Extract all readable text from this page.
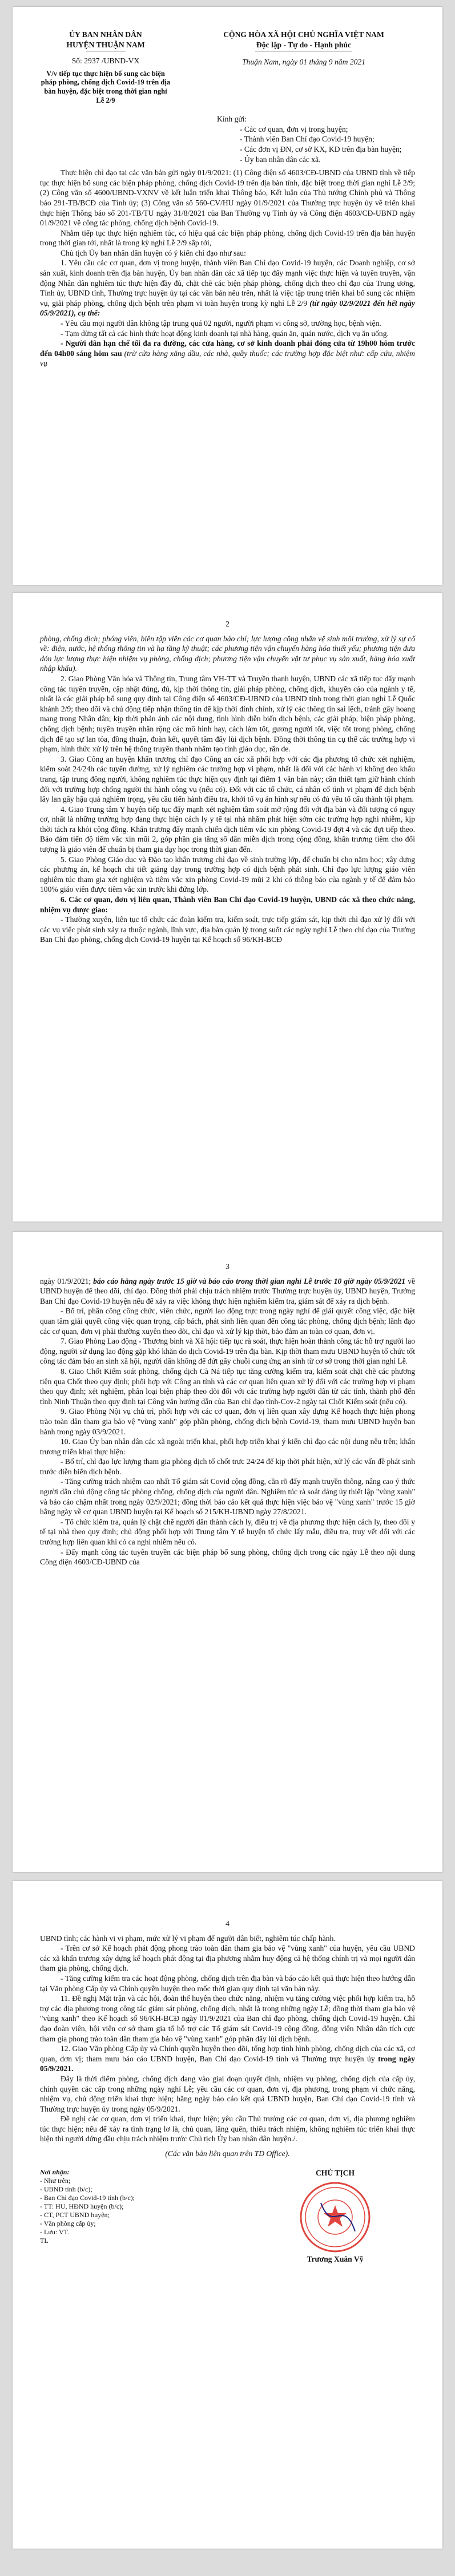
ỦY BAN NHÂN DÂN
HUYỆN THUẬN NAM
Số: 2937 /UBND-VX
V/v tiếp tục thực hiện bổ sung các biện pháp phòng, chống dịch Covid-19 trên địa bàn huyện, đặc biệt trong thời gian nghỉ Lễ 2/9
CỘNG HÒA XÃ HỘI CHỦ NGHĨA VIỆT NAM
Độc lập - Tự do - Hạnh phúc
Thuận Nam, ngày 01 tháng 9 năm 2021
Kính gửi:
- Các cơ quan, đơn vị trong huyện;
- Thành viên Ban Chỉ đạo Covid-19 huyện;
- Các đơn vị ĐN, cơ sở KX, KD trên địa bàn huyện;
- Ủy ban nhân dân các xã.

Thực hiện chỉ đạo tại các văn bản gửi ngày 01/9/2021: (1) Công điện số 4603/CĐ-UBND của UBND tỉnh về tiếp tục thực hiện bổ sung các biện pháp phòng, chống dịch Covid-19 trên địa bàn tỉnh, đặc biệt trong thời gian nghỉ Lễ 2/9; (2) Công văn số 4600/UBND-VXNV về kết luận triển khai Thông báo, Kết luận của Thủ tướng Chính phủ và Thông báo 291-TB/BCĐ của Tỉnh ủy; (3) Công văn số 560-CV/HU ngày 01/9/2021 của Thường trực huyện ủy về triển khai thực hiện Thông báo số 201-TB/TU ngày 31/8/2021 của Ban Thường vụ Tỉnh ủy và Công điện 4603/CĐ-UBND ngày 01/9/2021 về công tác phòng, chống dịch bệnh Covid-19.

Nhằm tiếp tục thực hiện nghiêm túc, có hiệu quả các biện pháp phòng, chống dịch Covid-19 trên địa bàn huyện trong thời gian tới, nhất là trong kỳ nghỉ Lễ 2/9 sắp tới,

Chủ tịch Ủy ban nhân dân huyện có ý kiến chỉ đạo như sau:

1. Yêu cầu các cơ quan, đơn vị trong huyện, thành viên Ban Chỉ đạo Covid-19 huyện, các Doanh nghiệp, cơ sở sản xuất, kinh doanh trên địa bàn huyện, Ủy ban nhân dân các xã tiếp tục đẩy mạnh việc thực hiện và tuyên truyền, vận động Nhân dân nghiêm túc thực hiện đầy đủ, chặt chẽ các biện pháp phòng, chống dịch theo chỉ đạo của Trung ương, Tỉnh ủy, UBND tỉnh, Thường trực huyện ủy tại các văn bản nêu trên, nhất là việc tập trung triển khai bố sung các nhiệm vụ, giải pháp phòng, chống dịch bệnh trên phạm vi toàn huyện trong kỳ nghỉ Lễ 2/9 (từ ngày 02/9/2021 đến hết ngày 05/9/2021), cụ thể:

- Yêu cầu mọi người dân không tập trung quá 02 người, người phạm vi công sở, trường học, bệnh viện.

- Tạm dừng tất cả các hình thức hoạt động kinh doanh tại nhà hàng, quán ăn, quán nước, dịch vụ ăn uống.

- Người dân hạn chế tối đa ra đường, các cửa hàng, cơ sở kinh doanh phải đóng cửa từ 19h00 hôm trước đến 04h00 sáng hôm sau (trừ cửa hàng xăng dầu, các nhà, quầy thuốc; các trường hợp đặc biệt như: cấp cứu, nhiệm vụ

2

phòng, chống dịch; phóng viên, biên tập viên các cơ quan báo chí; lực lượng công nhân vệ sinh môi trường, xử lý sự cố về: điện, nước, hệ thống thông tin và hạ tầng kỹ thuật; các phương tiện vận chuyển hàng hóa thiết yếu; phương tiện đưa đón lực lượng thực hiện nhiệm vụ phòng, chống dịch; phương tiện vận chuyển vật tư phục vụ sản xuất, hàng hóa xuất nhập khẩu).

2. Giao Phòng Văn hóa và Thông tin, Trung tâm VH-TT và Truyền thanh huyện, UBND các xã tiếp tục đẩy mạnh công tác tuyên truyền, cập nhật đúng, đủ, kịp thời thông tin, giải pháp phòng, chống dịch, khuyến cáo của ngành y tế, nhất là các giải pháp bổ sung quy định tại Công điện số 4603/CĐ-UBND của UBND tỉnh trong thời gian nghỉ Lễ Quốc khánh 2/9; theo dõi và chủ động tiếp nhận thông tin để kịp thời đính chính, xử lý các thông tin sai lệch, tránh gây hoang mang trong Nhân dân; kịp thời phản ánh các nội dung, tình hình diễn biến dịch bệnh, các giải pháp, biện pháp phòng, chống dịch bệnh; tuyên truyền nhân rộng các mô hình hay, cách làm tốt, gương người tốt, việc tốt trong phòng, chống dịch để tạo sự lan tỏa, đồng thuận, đoàn kết, quyết tâm đẩy lùi dịch bệnh. Đồng thời thông tin cụ thể các trường hợp vi phạm, hình thức xử lý trên hệ thống truyền thanh nhằm tạo tính giáo dục, răn đe.

3. Giao Công an huyện khẩn trương chỉ đạo Công an các xã phối hợp với các địa phương tổ chức xét nghiệm, kiểm soát 24/24h các tuyến đường, xử lý nghiêm các trường hợp vi phạm, nhất là đối với các hành vi không đeo khẩu trang, tập trung đông người, không nghiêm túc thực hiện quy định tại điểm 1 văn bản này; cần thiết tạm giữ hành chính đối với trường hợp chống người thi hành công vụ (nếu có). Đối với các tổ chức, cá nhân cố tình vi phạm để dịch bệnh lây lan gây hậu quả nghiêm trọng, yêu cầu tiến hành điều tra, khởi tố vụ án hình sự nếu có đủ yếu tố cấu thành tội phạm.

4. Giao Trung tâm Y huyện tiếp tục đẩy mạnh xét nghiệm tầm soát mở rộng đối với địa bàn và đối tượng có nguy cơ, nhất là những trường hợp đang thực hiện cách ly y tế tại nhà nhằm phát hiện sớm các trường hợp nghi nhiễm, kịp thời tách ra khỏi cộng đồng. Khẩn trương đẩy mạnh chiến dịch tiêm vắc xin phòng Covid-19 đợt 4 và các đợt tiếp theo. Bảo đảm tiến độ tiêm vắc xin mũi 2, góp phần gia tăng số dân miễn dịch trong cộng đồng, khẩn trương tiêm cho đối tượng là giáo viên để chuẩn bị tham gia dạy học trong thời gian đến.

5. Giao Phòng Giáo dục và Đào tạo khẩn trương chỉ đạo về sinh trường lớp, để chuẩn bị cho năm học; xây dựng các phương án, kế hoạch chi tiết giảng dạy trong trường hợp có dịch bệnh phát sinh. Chỉ đạo lực lượng giáo viên nghiêm túc tham gia xét nghiệm và tiêm vắc xin phòng Covid-19 mũi 2 khi có thông báo của ngành y tế để đảm bảo 100% giáo viên được tiêm vắc xin trước khi đứng lớp.

6. Các cơ quan, đơn vị liên quan, Thành viên Ban Chỉ đạo Covid-19 huyện, UBND các xã theo chức năng, nhiệm vụ được giao:

- Thường xuyên, liên tục tổ chức các đoàn kiểm tra, kiểm soát, trực tiếp giám sát, kịp thời chỉ đạo xử lý đối với các vụ việc phát sinh xảy ra thuộc ngành, lĩnh vực, địa bàn quản lý trong suốt các ngày nghỉ Lễ theo chỉ đạo của Trưởng Ban Chỉ đạo phòng, chống dịch Covid-19 huyện tại Kế hoạch số 96/KH-BCĐ

3

ngày 01/9/2021; báo cáo hằng ngày trước 15 giờ và báo cáo trong thời gian nghỉ Lễ trước 10 giờ ngày 05/9/2021 về UBND huyện để theo dõi, chỉ đạo. Đồng thời phải chịu trách nhiệm trước Thường trực huyện ủy, UBND huyện, Trưởng Ban Chỉ đạo Covid-19 huyện nếu để xảy ra việc không thực hiện nghiêm kiểm tra, giám sát để xảy ra dịch bệnh.

- Bố trí, phân công công chức, viên chức, người lao động trực trong ngày nghỉ để giải quyết công việc, đặc biệt quan tâm giải quyết công việc quan trọng, cấp bách, phát sinh liên quan đến công tác phòng, chống dịch bệnh; lãnh đạo các cơ quan, đơn vị phải thường xuyên theo dõi, chỉ đạo và xử lý kịp thời, bảo đảm an toàn cơ quan, đơn vị.

7. Giao Phòng Lao động - Thương binh và Xã hội: tiếp tục rà soát, thực hiện hoàn thành công tác hỗ trợ người lao động, người sử dụng lao động gặp khó khăn do dịch Covid-19 trên địa bàn. Kịp thời tham mưu UBND huyện tổ chức tốt công tác đảm bảo an sinh xã hội, người dân không để đứt gãy chuỗi cung ứng an sinh từ cơ sở trong thời gian nghỉ Lễ.

8. Giao Chốt Kiểm soát phòng, chống dịch Cà Ná tiếp tục tăng cường kiểm tra, kiểm soát chặt chẽ các phương tiện qua Chốt theo quy định; phối hợp với Công an tỉnh và các cơ quan liên quan xử lý đối với các trường hợp vi phạm theo quy định; xét nghiệm, phân loại biện pháp theo dõi đối với các trường hợp người dân từ các tỉnh, thành phố đến tỉnh Ninh Thuận theo quy định tại Công văn hướng dẫn của Ban chỉ đạo tỉnh-Cov-2 ngày tại Chốt Kiểm soát (nếu có).

9. Giao Phòng Nội vụ chủ trì, phối hợp với các cơ quan, đơn vị liên quan xây dựng Kế hoạch thực hiện phong trào toàn dân tham gia bảo vệ "vùng xanh" góp phần phòng, chống dịch bệnh Covid-19, tham mưu UBND huyện ban hành trong ngày 03/9/2021.

10. Giao Ủy ban nhân dân các xã ngoài triển khai, phối hợp triển khai ý kiến chỉ đạo các nội dung nêu trên; khẩn trương triển khai thực hiện:

- Bố trí, chỉ đạo lực lượng tham gia phòng dịch tổ chốt trực 24/24 để kịp thời phát hiện, xử lý các vấn đề phát sinh trước diễn biến dịch bệnh.

- Tăng cường trách nhiệm cao nhất Tổ giám sát Covid cộng đồng, cần rõ đẩy mạnh truyền thông, nâng cao ý thức người dân chủ động công tác phòng chống, chống dịch của người dân. Nghiêm túc rà soát đảng ủy thiết lập "vùng xanh" và báo cáo chậm nhất trong ngày 02/9/2021; đồng thời báo cáo kết quả thực hiện việc bảo vệ "vùng xanh" trước 15 giờ hằng ngày về cơ quan UBND huyện tại Kế hoạch số 215/KH-UBND ngày 27/8/2021.

- Tổ chức kiểm tra, quản lý chặt chẽ người dân thành cách ly, điều trị về địa phương thực hiện cách ly, theo dõi y tế tại nhà theo quy định; chủ động phối hợp với Trung tâm Y tế huyện tổ chức lấy mẫu, điều tra, truy vết đối với các trường hợp liên quan khi có ca nghi nhiễm nếu có.

- Đẩy mạnh công tác tuyên truyền các biện pháp bổ sung phòng, chống dịch trong các ngày Lễ theo nội dung Công điện 4603/CĐ-UBND của

4

UBND tỉnh; các hành vi vi phạm, mức xử lý vi phạm để người dân biết, nghiêm túc chấp hành.

- Trên cơ sở Kế hoạch phát động phong trào toàn dân tham gia bảo vệ "vùng xanh" của huyện, yêu cầu UBND các xã khẩn trương xây dựng kế hoạch phát động tại địa phương nhằm huy động cả hệ thống chính trị và mọi người dân tham gia phòng, chống dịch.

- Tăng cường kiểm tra các hoạt động phòng, chống dịch trên địa bàn và báo cáo kết quả thực hiện theo hướng dẫn tại Văn phòng Cấp ủy và Chính quyền huyện theo mốc thời gian quy định tại văn bản này.

11. Đề nghị Mặt trận và các hội, đoàn thể huyện theo chức năng, nhiệm vụ tăng cường việc phối hợp kiểm tra, hỗ trợ các địa phương trong công tác giám sát phòng, chống dịch, nhất là trong những ngày Lễ; đồng thời tham gia bảo vệ "vùng xanh" theo Kế hoạch số 96/KH-BCĐ ngày 01/9/2021 của Ban chỉ đạo phòng, chống dịch Covid-19 huyện. Chỉ đạo đoàn viên, hội viên cơ sở tham gia tổ hỗ trợ các Tổ giám sát Covid-19 cộng đồng, động viên Nhân dân tích cực tham gia phong trào toàn dân tham gia bảo vệ "vùng xanh" góp phần đẩy lùi dịch bệnh.

12. Giao Văn phòng Cấp ủy và Chính quyền huyện theo dõi, tổng hợp tình hình phòng, chống dịch của các xã, cơ quan, đơn vị; tham mưu báo cáo UBND huyện, Ban Chỉ đạo Covid-19 tỉnh và Thường trực huyện ủy trong ngày 05/9/2021.

Đây là thời điểm phòng, chống dịch đang vào giai đoạn quyết định, nhiệm vụ phòng, chống dịch của cấp ủy, chính quyền các cấp trong những ngày nghỉ Lễ; yêu cầu các cơ quan, đơn vị, địa phương, trong phạm vi chức năng, nhiệm vụ, chủ động triển khai thực hiện; hằng ngày báo cáo kết quả UBND huyện, Ban Chỉ đạo Covid-19 tỉnh và Thường trực huyện ủy trong ngày 05/9/2021.

Đề nghị các cơ quan, đơn vị triển khai, thực hiện; yêu cầu Thủ trưởng các cơ quan, đơn vị, địa phương nghiêm túc thực hiện; nếu để xảy ra tình trạng lơ là, chủ quan, lãng quên, thiếu trách nhiệm, không nghiêm túc triển khai thực hiện thì người đứng đầu chịu trách nhiệm trước Chủ tịch Ủy ban nhân dân huyện./.

(Các văn bản liên quan trên TD Office).
Nơi nhận:
- Như trên;
- UBND tỉnh (b/c);
- Ban Chỉ đạo Covid-19 tỉnh (b/c);
- TT: HU, HĐND huyện (b/c);
- CT, PCT UBND huyện;
- Văn phòng cấp ủy;
- Lưu: VT.
TL
CHỦ TỊCH
Trương Xuân Vỹ
